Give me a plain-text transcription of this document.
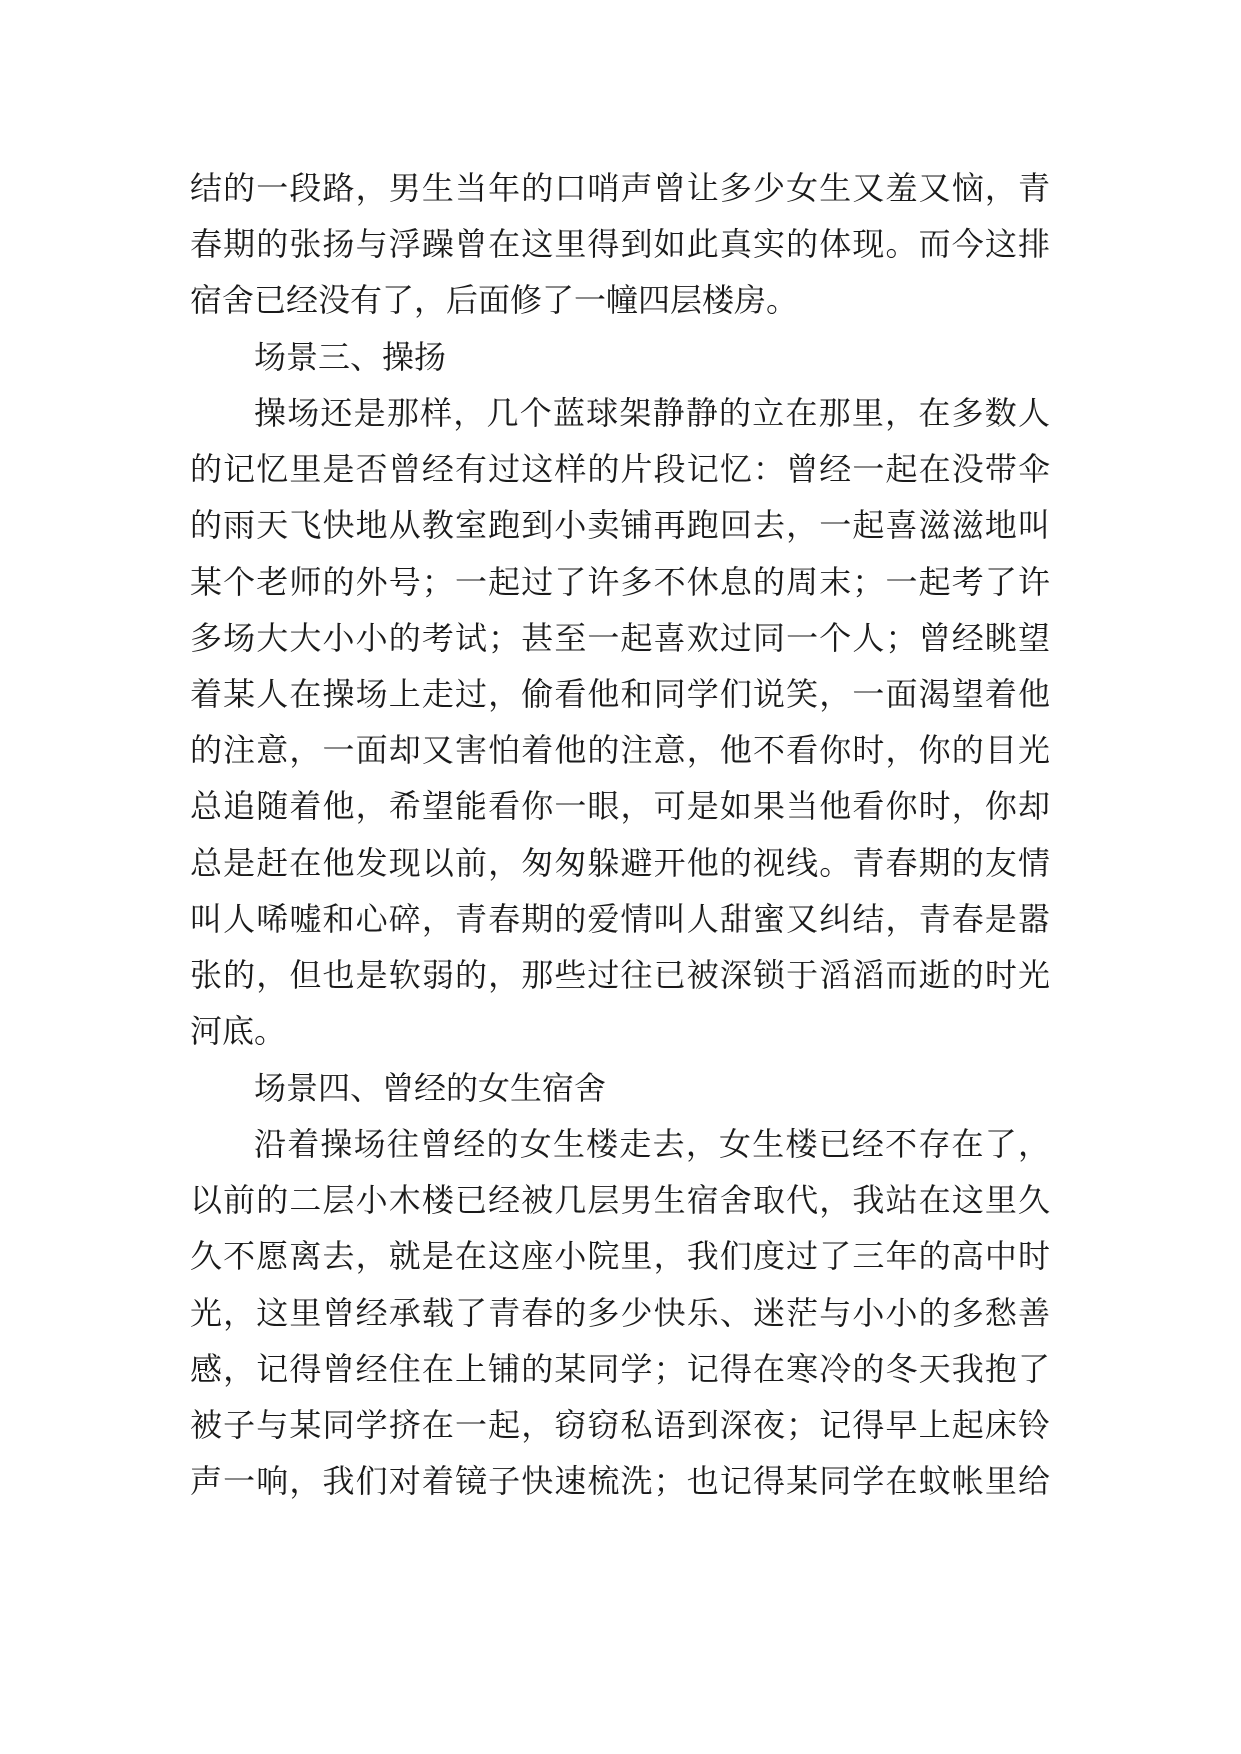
结的一段路，男生当年的口哨声曾让多少女生又羞又恼，青
春期的张扬与浮躁曾在这里得到如此真实的体现。而今这排
宿舍已经没有了，后面修了一幢四层楼房。
场景三、操扬
操场还是那样，几个蓝球架静静的立在那里，在多数人
的记忆里是否曾经有过这样的片段记忆：曾经一起在没带伞
的雨天飞快地从教室跑到小卖铺再跑回去，一起喜滋滋地叫
某个老师的外号；一起过了许多不休息的周末；一起考了许
多场大大小小的考试；甚至一起喜欢过同一个人；曾经眺望
着某人在操场上走过，偷看他和同学们说笑，一面渴望着他
的注意，一面却又害怕着他的注意，他不看你时，你的目光
总追随着他，希望能看你一眼，可是如果当他看你时，你却
总是赶在他发现以前，匆匆躲避开他的视线。青春期的友情
叫人唏嘘和心碎，青春期的爱情叫人甜蜜又纠结，青春是嚣
张的，但也是软弱的，那些过往已被深锁于滔滔而逝的时光
河底。
场景四、曾经的女生宿舍
沿着操场往曾经的女生楼走去，女生楼已经不存在了，
以前的二层小木楼已经被几层男生宿舍取代，我站在这里久
久不愿离去，就是在这座小院里，我们度过了三年的高中时
光，这里曾经承载了青春的多少快乐、迷茫与小小的多愁善
感，记得曾经住在上铺的某同学；记得在寒冷的冬天我抱了
被子与某同学挤在一起，窃窃私语到深夜；记得早上起床铃
声一响，我们对着镜子快速梳洗；也记得某同学在蚊帐里给
